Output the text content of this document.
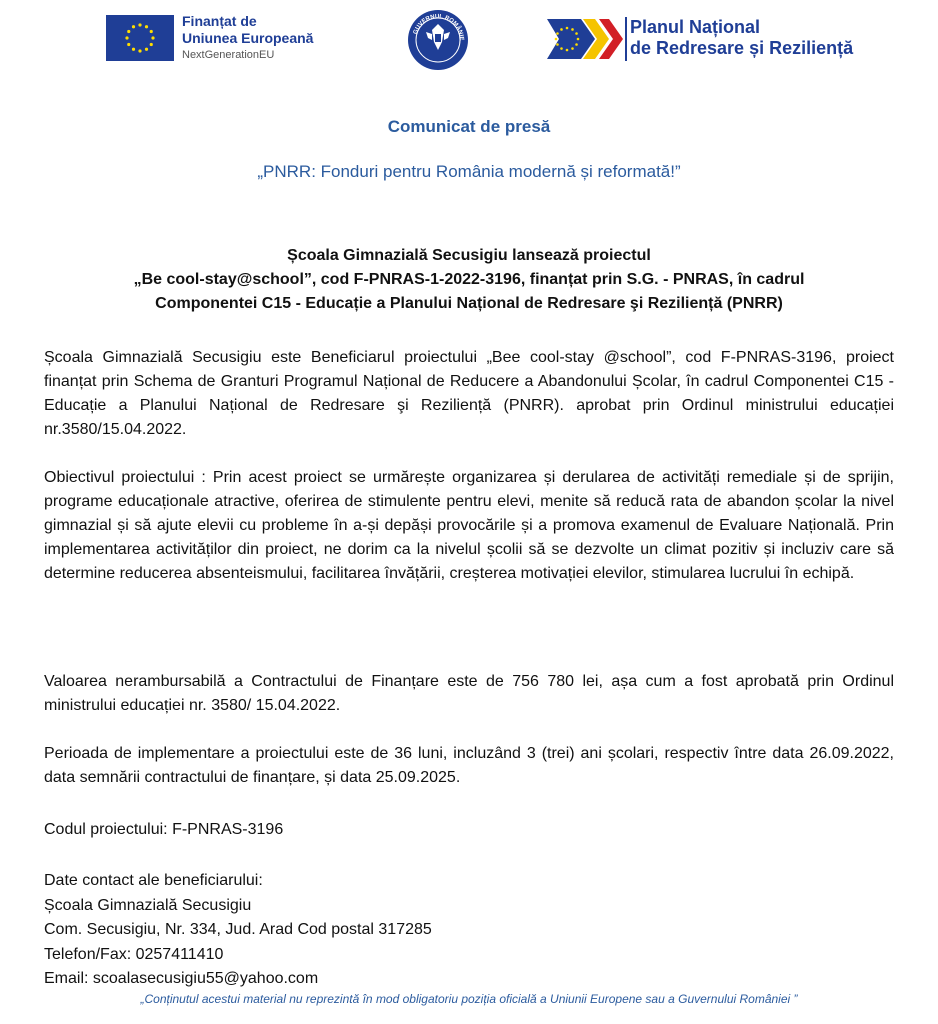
Finanțat de
Uniunea Europeană
NextGenerationEU
GUVERNUL ROMÂNIE
Planul Național
de Redresare și Reziliență
Comunicat de presă
„PNRR: Fonduri pentru România modernă și reformată!”
Școala Gimnazială Secusigiu lansează proiectul
„Be cool-stay@school”, cod F-PNRAS-1-2022-3196, finanțat prin S.G. - PNRAS, în cadrul
Componentei C15 - Educație a Planului Național de Redresare şi Reziliență (PNRR)
Școala Gimnazială Secusigiu este Beneficiarul proiectului „Bee cool-stay @school”, cod F-PNRAS-3196, proiect finanțat prin Schema de Granturi Programul Național de Reducere a Abandonului Școlar, în cadrul Componentei C15 - Educație a Planului Național de Redresare şi Reziliență (PNRR). aprobat prin Ordinul ministrului educației nr.3580/15.04.2022.
Obiectivul proiectului : Prin acest proiect se urmărește organizarea și derularea de activități remediale și de sprijin, programe educaționale atractive, oferirea de stimulente pentru elevi, menite să reducă rata de abandon școlar la nivel gimnazial și să ajute elevii cu probleme în a-și depăși provocările și a promova examenul de Evaluare Națională. Prin implementarea activităților din proiect, ne dorim ca la nivelul școlii să se dezvolte un climat pozitiv și incluziv care să determine reducerea absenteismului, facilitarea învățării, creșterea motivației elevilor, stimularea lucrului în echipă.
Valoarea nerambursabilă a Contractului de Finanțare este de 756 780 lei, așa cum a fost aprobată prin Ordinul ministrului educației nr. 3580/ 15.04.2022.
Perioada de implementare a proiectului este de 36 luni, incluzând 3 (trei) ani școlari, respectiv între data 26.09.2022, data semnării contractului de finanțare, și data 25.09.2025.
Codul proiectului: F-PNRAS-3196
Date contact ale beneficiarului:
Școala Gimnazială Secusigiu
Com. Secusigiu, Nr. 334, Jud. Arad Cod postal 317285
Telefon/Fax: 0257411410
Email: scoalasecusigiu55@yahoo.com
„Conținutul acestui material nu reprezintă în mod obligatoriu poziția oficială a Uniunii Europene sau a Guvernului României ”
